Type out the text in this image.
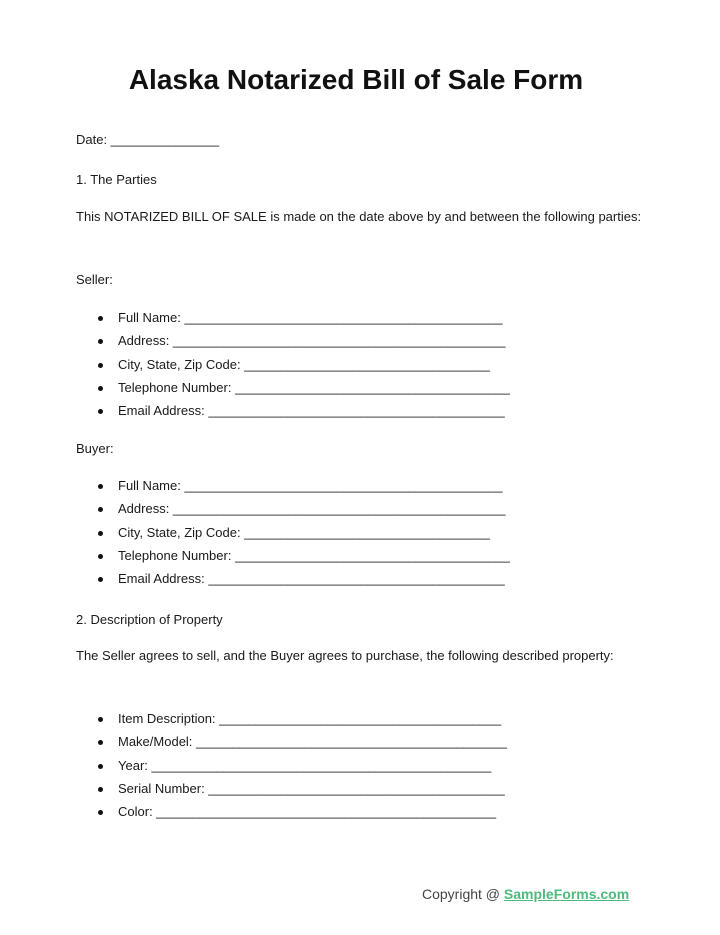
Alaska Notarized Bill of Sale Form
Date: _______________
1. The Parties
This NOTARIZED BILL OF SALE is made on the date above by and between the following parties:
Seller:
Full Name: ____________________________________________
Address: ______________________________________________
City, State, Zip Code: __________________________________
Telephone Number: ______________________________________
Email Address: _________________________________________
Buyer:
Full Name: ____________________________________________
Address: ______________________________________________
City, State, Zip Code: __________________________________
Telephone Number: ______________________________________
Email Address: _________________________________________
2. Description of Property
The Seller agrees to sell, and the Buyer agrees to purchase, the following described property:
Item Description: _______________________________________
Make/Model: ___________________________________________
Year: _______________________________________________
Serial Number: _________________________________________
Color: _______________________________________________
Copyright @ SampleForms.com
